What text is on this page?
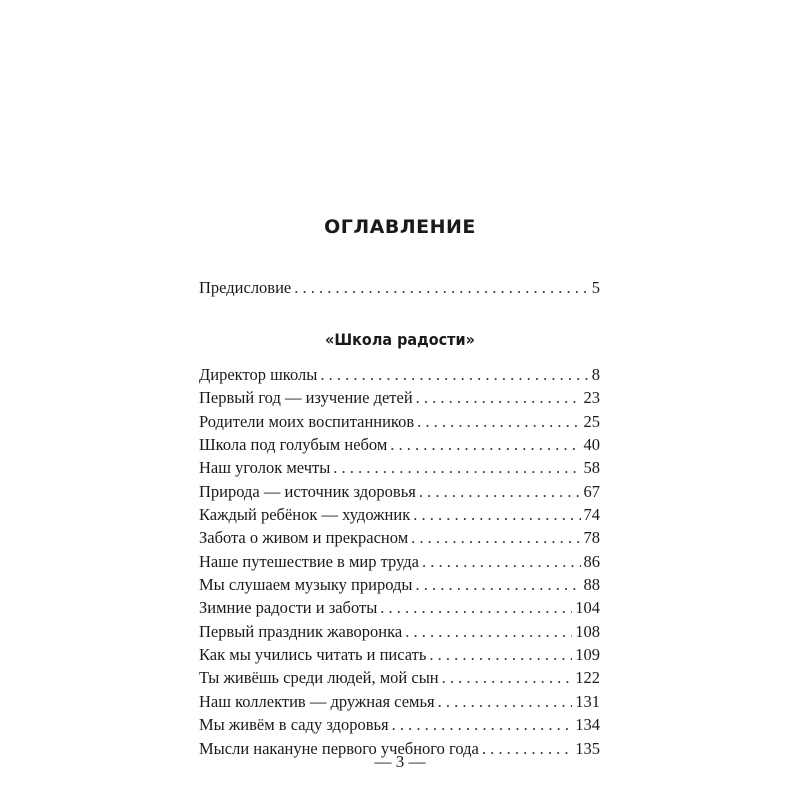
ОГЛАВЛЕНИЕ
Предисловие . . .	5
«Школа радости»
Директор школы . . .	8
Первый год — изучение детей . . .	23
Родители моих воспитанников . . .	25
Школа под голубым небом . . .	40
Наш уголок мечты . . .	58
Природа — источник здоровья . . .	67
Каждый ребёнок — художник . . .	74
Забота о живом и прекрасном . . .	78
Наше путешествие в мир труда . . .	86
Мы слушаем музыку природы . . .	88
Зимние радости и заботы . . .	104
Первый праздник жаворонка . . .	108
Как мы учились читать и писать . . .	109
Ты живёшь среди людей, мой сын . . .	122
Наш коллектив — дружная семья . . .	131
Мы живём в саду здоровья . . .	134
Мысли накануне первого учебного года . . .	135
— 3 —
